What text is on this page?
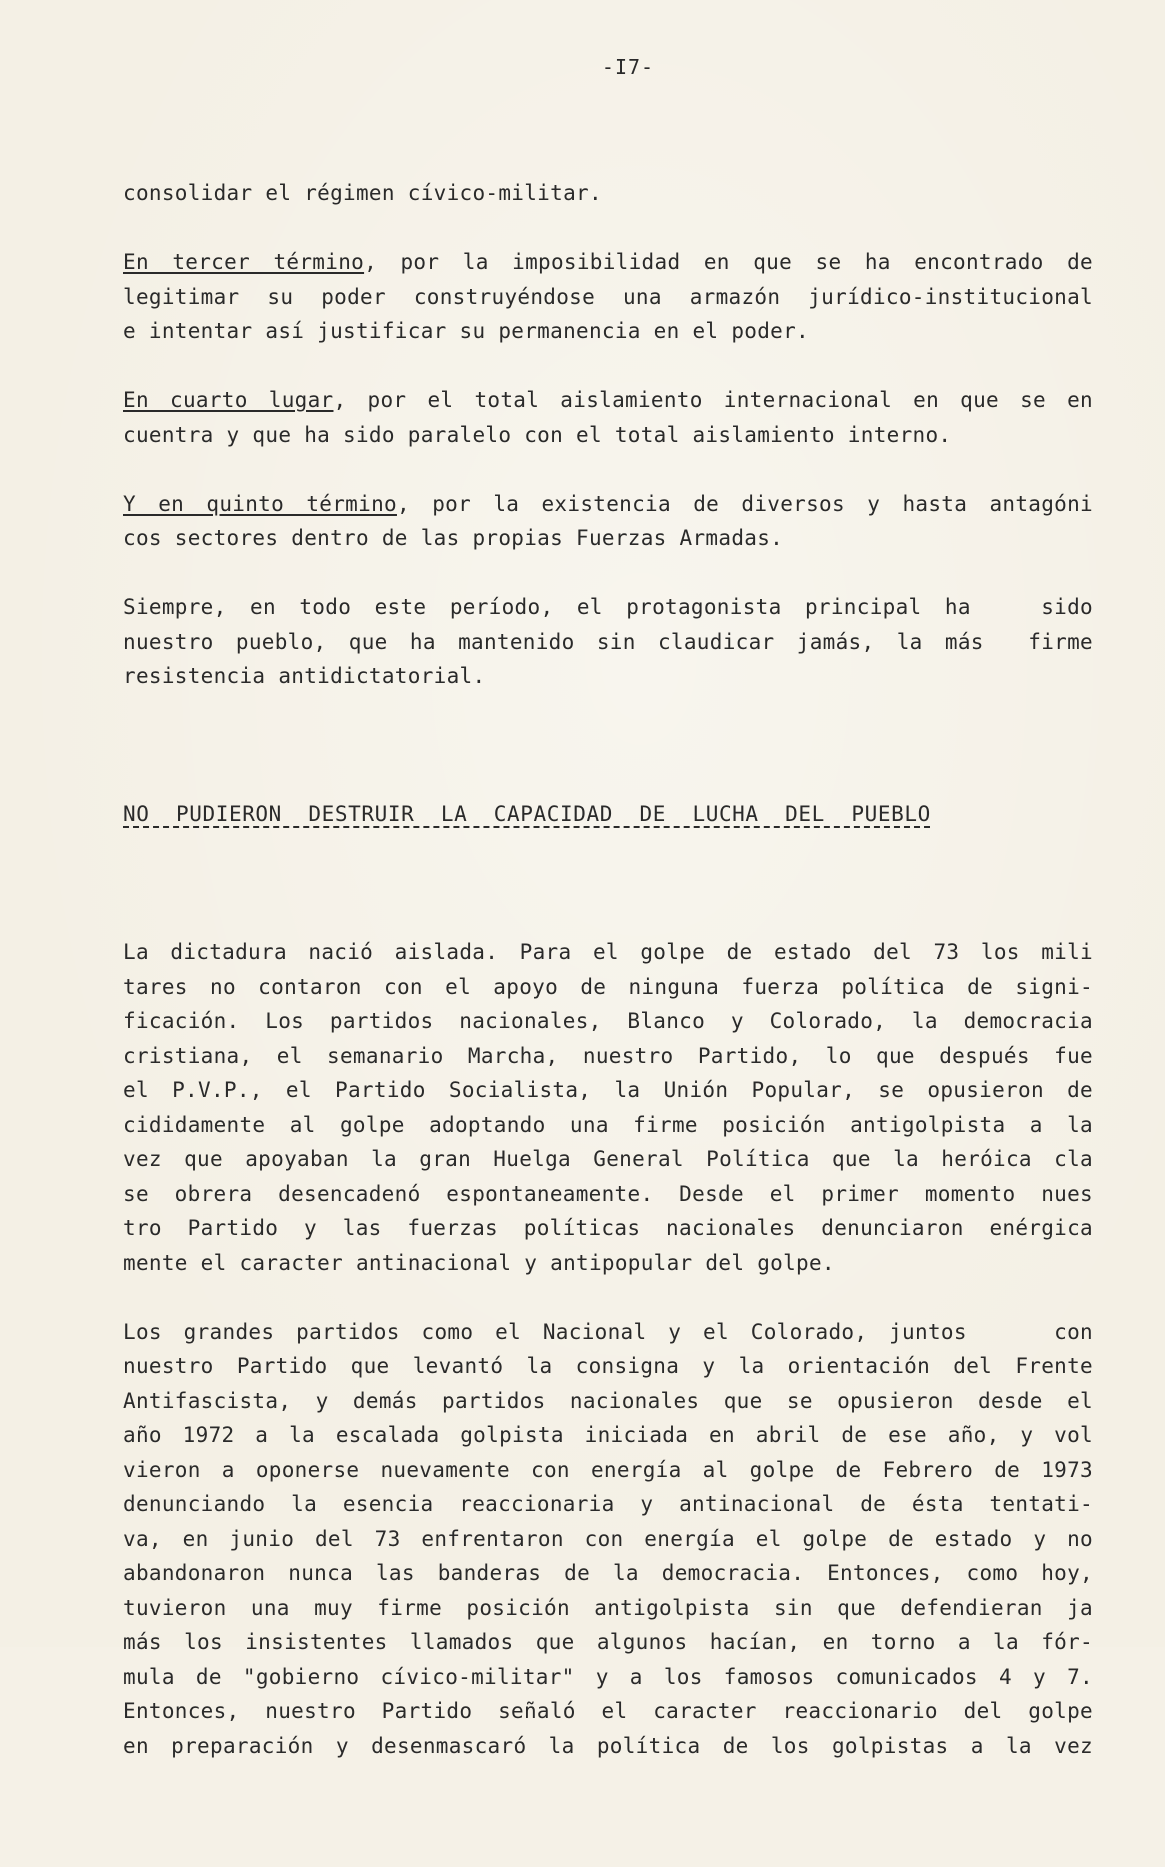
-I7-

consolidar el régimen cívico-militar.
En tercer término, por la imposibilidad en que se ha encontrado de
legitimar su poder construyéndose una armazón jurídico-institucional
e intentar así justificar su permanencia en el poder.
En cuarto lugar, por el total aislamiento internacional en que se en
cuentra y que ha sido paralelo con el total aislamiento interno.
Y en quinto término, por la existencia de diversos y hasta antagóni
cos sectores dentro de las propias Fuerzas Armadas.
Siempre, en todo este período, el protagonista principal ha   sido
nuestro pueblo, que ha mantenido sin claudicar jamás, la más  firme
resistencia antidictatorial.

NO  PUDIERON  DESTRUIR  LA  CAPACIDAD  DE  LUCHA  DEL  PUEBLO

La dictadura nació aislada. Para el golpe de estado del 73 los mili
tares no contaron con el apoyo de ninguna fuerza política de signi-
ficación. Los partidos nacionales, Blanco y Colorado, la democracia
cristiana, el semanario Marcha, nuestro Partido, lo que después fue
el P.V.P., el Partido Socialista, la Unión Popular, se opusieron de
cididamente al golpe adoptando una firme posición antigolpista a la
vez que apoyaban la gran Huelga General Política que la heróica cla
se obrera desencadenó espontaneamente. Desde el primer momento nues
tro Partido y las fuerzas políticas nacionales denunciaron enérgica
mente el caracter antinacional y antipopular del golpe.
Los grandes partidos como el Nacional y el Colorado, juntos    con
nuestro Partido que levantó la consigna y la orientación del Frente
Antifascista, y demás partidos nacionales que se opusieron desde el
año 1972 a la escalada golpista iniciada en abril de ese año, y vol
vieron a oponerse nuevamente con energía al golpe de Febrero de 1973
denunciando la esencia reaccionaria y antinacional de ésta tentati-
va, en junio del 73 enfrentaron con energía el golpe de estado y no
abandonaron nunca las banderas de la democracia. Entonces, como hoy,
tuvieron una muy firme posición antigolpista sin que defendieran ja
más los insistentes llamados que algunos hacían, en torno a la fór-
mula de "gobierno cívico-militar" y a los famosos comunicados 4 y 7.
Entonces, nuestro Partido señaló el caracter reaccionario del golpe
en preparación y desenmascaró la política de los golpistas a la vez
